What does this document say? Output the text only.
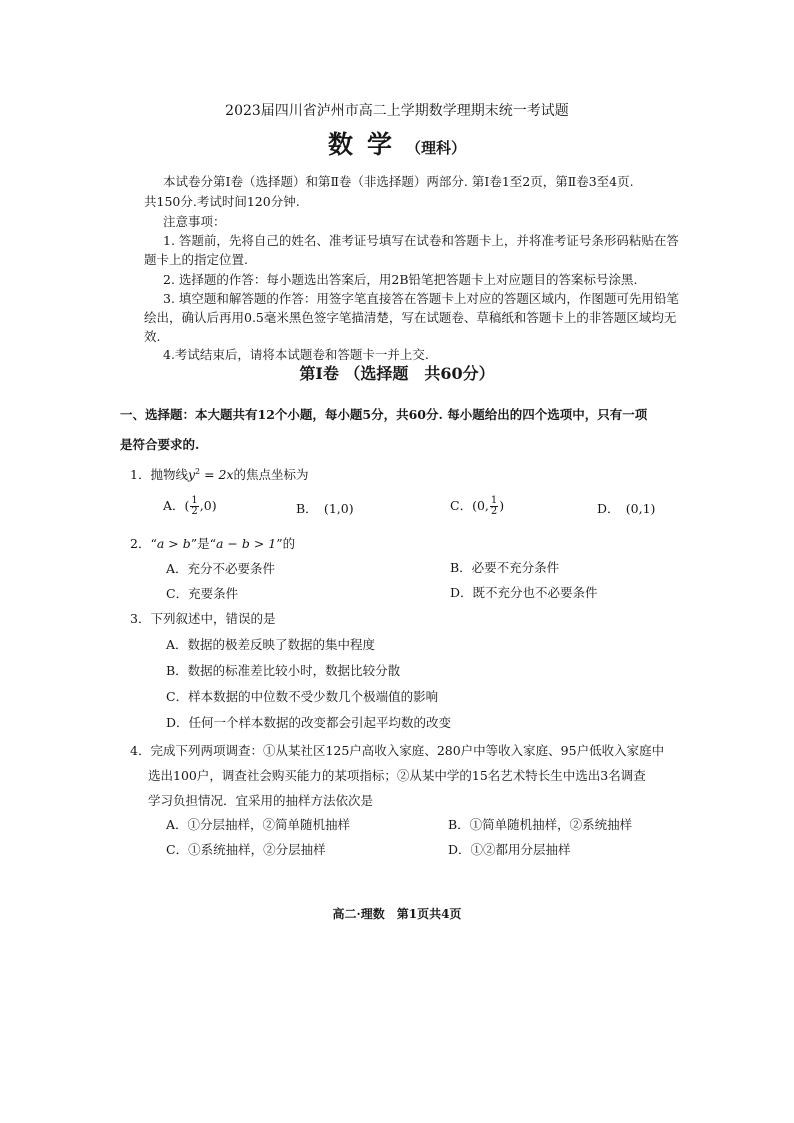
2023届四川省泸州市高二上学期数学理期末统一考试题
数学（理科）
本试卷分第Ⅰ卷（选择题）和第Ⅱ卷（非选择题）两部分. 第Ⅰ卷1至2页，第Ⅱ卷3至4页.
共150分.考试时间120分钟.
注意事项：
1. 答题前，先将自己的姓名、准考证号填写在试卷和答题卡上，并将准考证号条形码粘贴在答
题卡上的指定位置.
2. 选择题的作答：每小题选出答案后，用2B铅笔把答题卡上对应题目的答案标号涂黑.
3. 填空题和解答题的作答：用签字笔直接答在答题卡上对应的答题区域内，作图题可先用铅笔
绘出，确认后再用0.5毫米黑色签字笔描清楚，写在试题卷、草稿纸和答题卡上的非答题区域均无
效.
4.考试结束后，请将本试题卷和答题卡一并上交.
第Ⅰ卷 （选择题　共60分）
一、选择题：本大题共有12个小题，每小题5分，共60分. 每小题给出的四个选项中，只有一项
是符合要求的.
1．抛物线$y^2 = 2x$的焦点坐标为
A．( $\frac{1}{2} ,0$)	B．　(1,0)	C．(0, $\frac{1}{2}$ )	D．　(0,1)
2．“a > b”是“a − b > 1”的
A．充分不必要条件	B．必要不充分条件
C．充要条件	D．既不充分也不必要条件
3．下列叙述中，错误的是
A．数据的极差反映了数据的集中程度
B．数据的标准差比较小时，数据比较分散
C．样本数据的中位数不受少数几个极端值的影响
D．任何一个样本数据的改变都会引起平均数的改变
4．完成下列两项调查：①从某社区125户高收入家庭、280户中等收入家庭、95户低收入家庭中
选出100户，调查社会购买能力的某项指标；②从某中学的15名艺术特长生中选出3名调查
学习负担情况．宜采用的抽样方法依次是
A．①分层抽样，②简单随机抽样	B．①简单随机抽样，②系统抽样
C．①系统抽样，②分层抽样	D．①②都用分层抽样
高二·理数　第1页共4页
